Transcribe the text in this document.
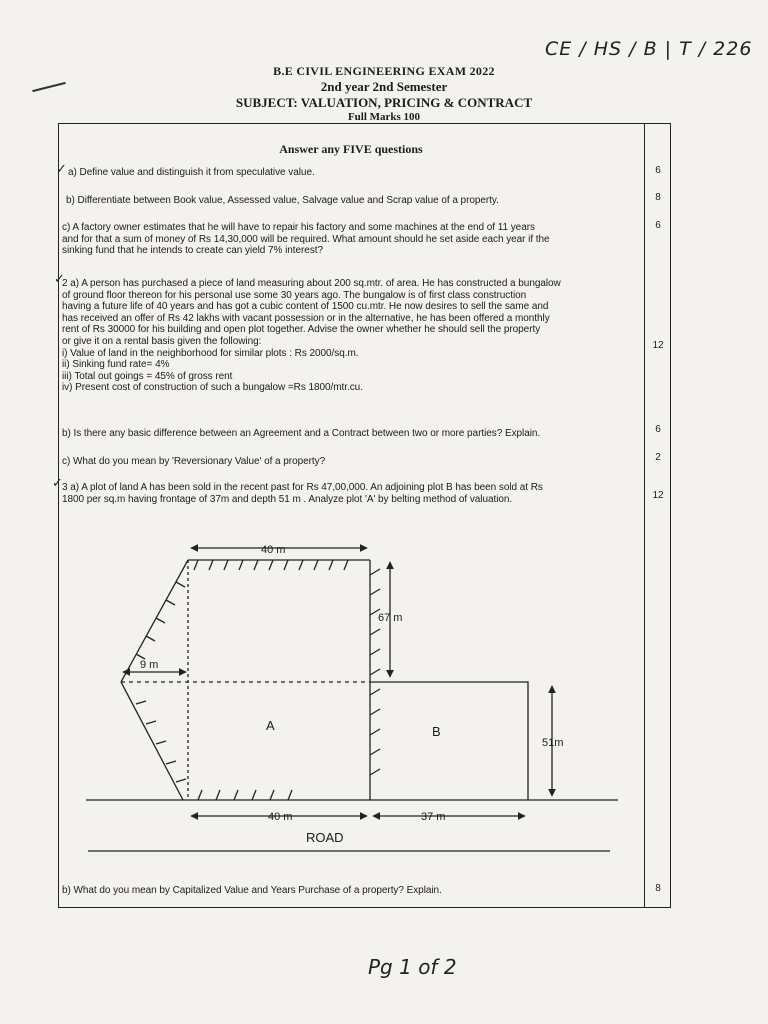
CE / HS / B | T / 226
B.E CIVIL ENGINEERING EXAM 2022
2nd year 2nd Semester
SUBJECT: VALUATION, PRICING & CONTRACT
Full Marks 100
Answer any FIVE questions
✓ a) Define value and distinguish it from speculative value.	6
b) Differentiate between Book value, Assessed value, Salvage value and Scrap value of a property.	8
c) A factory owner estimates that he will have to repair his factory and some machines at the end of 11 years
and for that a sum of money of Rs 14,30,000 will be required. What amount should he set aside each year if the
sinking fund that he intends to create can yield 7% interest?
6
✓
2 a) A person has purchased a piece of land measuring about 200 sq.mtr. of area. He has constructed a bungalow
of ground floor thereon for his personal use some 30 years ago. The bungalow is of first class construction
having a future life of 40 years and has got a cubic content of 1500 cu.mtr. He now desires to sell the same and
has received an offer of Rs 42 lakhs with vacant possession or in the alternative, he has been offered a monthly
rent of Rs 30000 for his building and open plot together. Advise the owner whether he should sell the property
or give it on a rental basis given the following:
i) Value of land in the neighborhood for similar plots : Rs 2000/sq.m.
ii) Sinking fund rate= 4%
iii) Total out goings = 45% of gross rent
iv) Present cost of construction of such a bungalow =Rs 1800/mtr.cu.
12
b) Is there any basic difference between an Agreement and a Contract between two or more parties? Explain.	6
c) What do you mean by 'Reversionary Value' of a property?	2
✓ 3 a) A plot of land A has been sold in the recent past for Rs 47,00,000. An adjoining plot B has been sold at Rs
1800 per sq.m having frontage of 37m and depth 51 m . Analyze plot 'A' by belting method of valuation.	12
40 m
67 m
9 m
A	B
51m
40 m	37 m
ROAD
b) What do you mean by Capitalized Value and Years Purchase of a property? Explain.	8
Pg 1 of 2
